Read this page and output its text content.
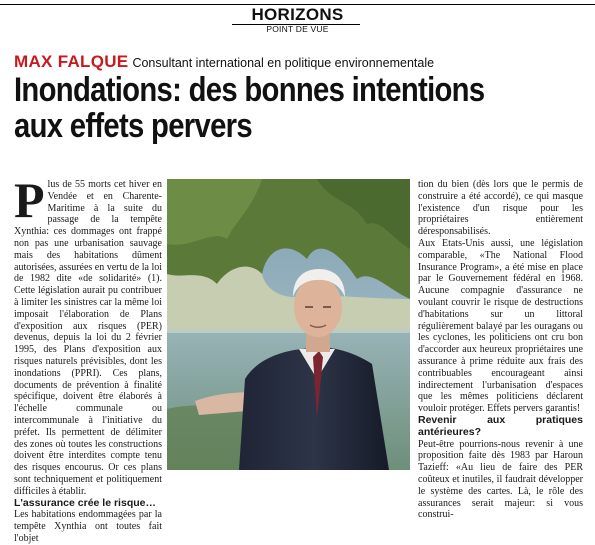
HORIZONS
POINT DE VUE
MAX FALQUE Consultant international en politique environnementale
Inondations: des bonnes intentions
aux effets pervers

Plus de 55 morts cet hiver en Vendée et en Charente-Maritime à la suite du passage de la tempête Xynthia: ces dommages ont frappé non pas une urbanisation sauvage mais des habitations dûment autorisées, assurées en vertu de la loi de 1982 dite «de solidarité» (1). Cette législation aurait pu contribuer à limiter les sinistres car la même loi imposait l'élaboration de Plans d'exposition aux risques (PER) devenus, depuis la loi du 2 février 1995, des Plans d'exposition aux risques naturels prévisibles, dont les inondations (PPRI). Ces plans, documents de prévention à finalité spécifique, doivent être élaborés à l'échelle communale ou intercommunale à l'initiative du préfet. Ils permettent de délimiter des zones où toutes les constructions doivent être interdites compte tenu des risques encourus. Or ces plans sont techniquement et politiquement difficiles à établir.

L'assurance crée le risque…

Les habitations endommagées par la tempête Xynthia ont toutes fait l'objet

tion du bien (dès lors que le permis de construire a été accordé), ce qui masque l'existence d'un risque pour les propriétaires entièrement déresponsabilisés.

Aux Etats-Unis aussi, une législation comparable, «The National Flood Insurance Program», a été mise en place par le Gouvernement fédéral en 1968. Aucune compagnie d'assurance ne voulant couvrir le risque de destructions d'habitations sur un littoral régulièrement balayé par les ouragans ou les cyclones, les politiciens ont cru bon d'accorder aux heureux propriétaires une assurance à prime réduite aux frais des contribuables encourageant ainsi indirectement l'urbanisation d'espaces que les mêmes politiciens déclarent vouloir protéger. Effets pervers garantis!

Revenir aux pratiques antérieures?

Peut-être pourrions-nous revenir à une proposition faite dès 1983 par Haroun Tazieff: «Au lieu de faire des PER coûteux et inutiles, il faudrait développer le système des cartes. Là, le rôle des assurances serait majeur: si vous construi-
